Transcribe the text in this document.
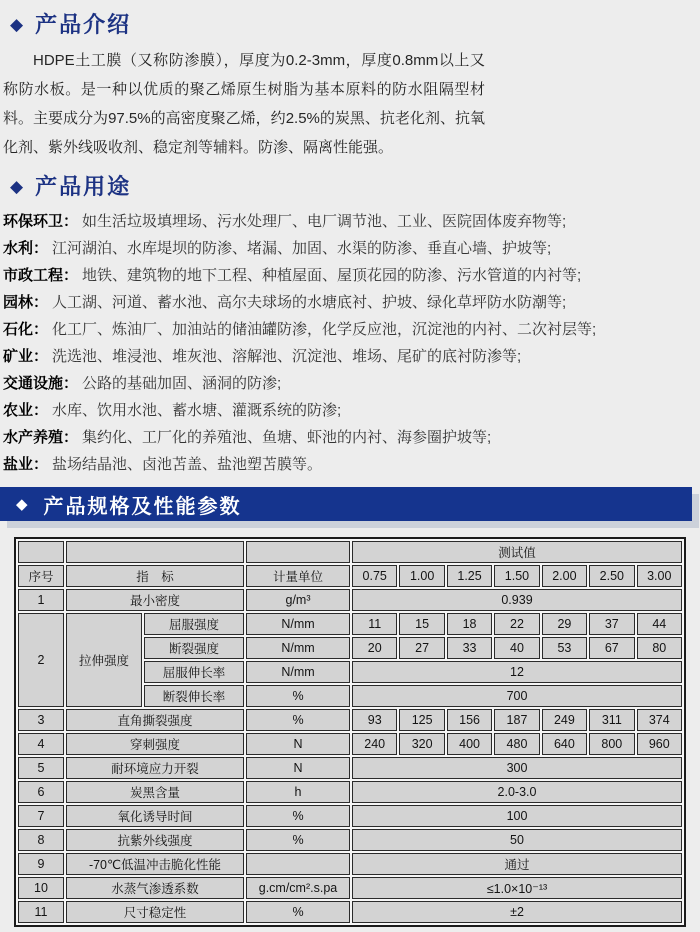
◆ 产品介绍

HDPE土工膜（又称防渗膜），厚度为0.2-3mm，厚度0.8mm以上又称防水板。是一种以优质的聚乙烯原生树脂为基本原料的防水阻隔型材料。主要成分为97.5%的高密度聚乙烯，约2.5%的炭黑、抗老化剂、抗氧化剂、紫外线吸收剂、稳定剂等辅料。防渗、隔离性能强。

◆ 产品用途
环保环卫： 如生活垃圾填埋场、污水处理厂、电厂调节池、工业、医院固体废弃物等;
水利： 江河湖泊、水库堤坝的防渗、堵漏、加固、水渠的防渗、垂直心墙、护坡等;
市政工程： 地铁、建筑物的地下工程、种植屋面、屋顶花园的防渗、污水管道的内衬等;
园林： 人工湖、河道、蓄水池、高尔夫球场的水塘底衬、护坡、绿化草坪防水防潮等;
石化： 化工厂、炼油厂、加油站的储油罐防渗，化学反应池，沉淀池的内衬、二次衬层等;
矿业： 洗选池、堆浸池、堆灰池、溶解池、沉淀池、堆场、尾矿的底衬防渗等;
交通设施： 公路的基础加固、涵洞的防渗;
农业： 水库、饮用水池、蓄水塘、灌溉系统的防渗;
水产养殖： 集约化、工厂化的养殖池、鱼塘、虾池的内衬、海参圈护坡等;
盐业： 盐场结晶池、卤池苫盖、盐池塑苫膜等。
◆ 产品规格及性能参数
				测试值						
序号	指　标		计量单位	0.75	1.00	1.25	1.50	2.00	2.50	3.00
1	最小密度		g/m³	0.939						
2	拉伸强度	屈服强度	N/mm	11	15	18	22	29	37	44
		断裂强度	N/mm	20	27	33	40	53	67	80
		屈服伸长率	N/mm	12						
		断裂伸长率	%	700						
3	直角撕裂强度		%	93	125	156	187	249	311	374
4	穿刺强度		N	240	320	400	480	640	800	960
5	耐环境应力开裂		N	300						
6	炭黑含量		h	2.0-3.0						
7	氧化诱导时间		%	100						
8	抗紫外线强度		%	50						
9	-70℃低温冲击脆化性能			通过						
10	水蒸气渗透系数		g.cm/cm².s.pa	≤1.0×10⁻¹³						
11	尺寸稳定性		%	±2						
